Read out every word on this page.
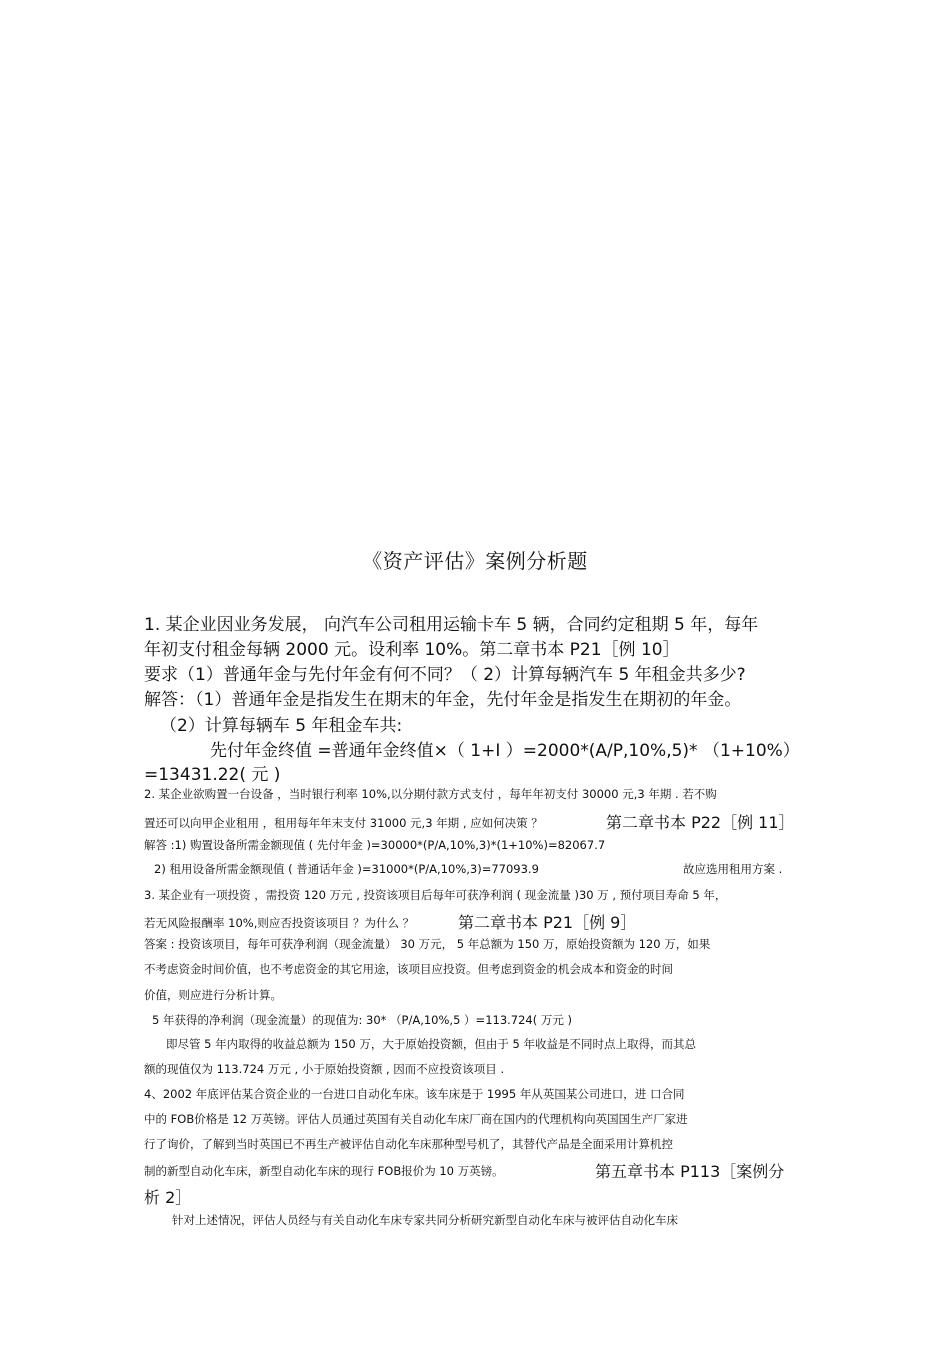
《资产评估》案例分析题
1. 某企业因业务发展， 向汽车公司租用运输卡车 5 辆，合同约定租期 5 年，每年
年初支付租金每辆 2000 元。设利率 10%。第二章书本 P21［例 10］
要求（1）普通年金与先付年金有何不同？（ 2）计算每辆汽车 5 年租金共多少?
解答：（1）普通年金是指发生在期末的年金，先付年金是指发生在期初的年金。
（2）计算每辆车 5 年租金车共:
先付年金终值 =普通年金终值×（ 1+I ）=2000*(A/P,10%,5)* （1+10%）
=13431.22( 元 )
2. 某企业欲购置一台设备 ，当时银行利率 10%,以分期付款方式支付 ，每年年初支付 30000 元,3 年期 . 若不购
置还可以向甲企业租用 ，租用每年年末支付 31000 元,3 年期 , 应如何决策 ？	第二章书本 P22［例 11］
解答 :1) 购置设备所需金额现值 ( 先付年金 )=30000*(P/A,10%,3)*(1+10%)=82067.7
2) 租用设备所需金额现值 ( 普通话年金 )=31000*(P/A,10%,3)=77093.9	故应选用租用方案 .
3. 某企业有一项投资 ，需投资 120 万元 , 投资该项目后每年可获净利润 ( 现金流量 )30 万 , 预付项目寿命 5 年，
若无风险报酬率 10%,则应否投资该项目 ？为什么 ？	第二章书本 P21［例 9］
答案 : 投资该项目，每年可获净利润（现金流量） 30 万元， 5 年总额为 150 万，原始投资额为 120 万，如果
不考虑资金时间价值，也不考虑资金的其它用途，该项目应投资。但考虑到资金的机会成本和资金的时间
价值，则应进行分析计算。
5 年获得的净利润（现金流量）的现值为: 30* （P/A,10%,5 ）=113.724( 万元 )
即尽管 5 年内取得的收益总额为 150 万，大于原始投资额，但由于 5 年收益是不同时点上取得，而其总
额的现值仅为 113.724 万元 , 小于原始投资额 , 因而不应投资该项目 .
4、2002 年底评估某合资企业的一台进口自动化车床。该车床是于 1995 年从英国某公司进口，进 口合同
中的 FOB价格是 12 万英镑。评估人员通过英国有关自动化车床厂商在国内的代理机构向英国国生产厂家进
行了询价，了解到当时英国已不再生产被评估自动化车床那种型号机了，其替代产品是全面采用计算机控
制的新型自动化车床，新型自动化车床的现行 FOB报价为 10 万英镑。	第五章书本 P113［案例分
析 2］
针对上述情况，评估人员经与有关自动化车床专家共同分析研究新型自动化车床与被评估自动化车床
